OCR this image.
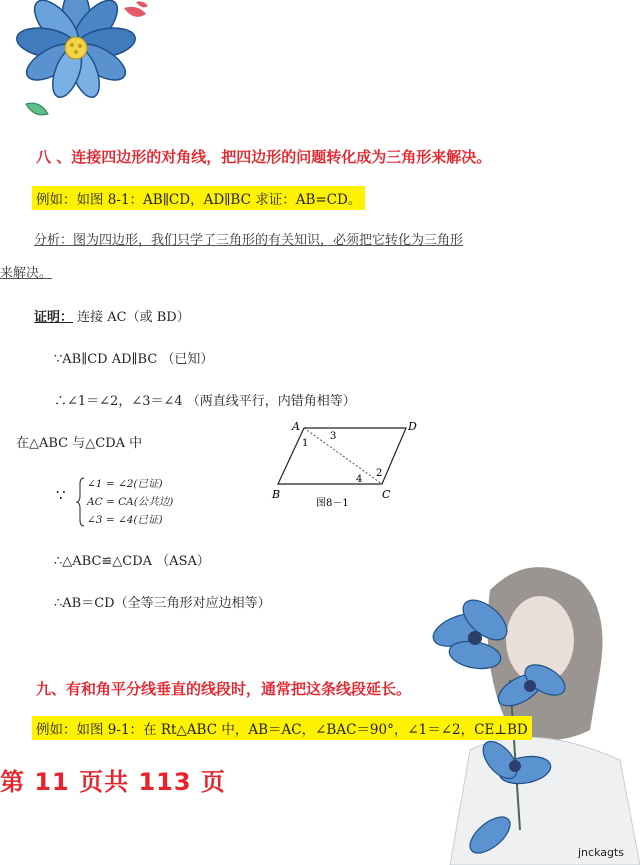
八 、连接四边形的对角线，把四边形的问题转化成为三角形来解决。
例如：如图 8-1：AB∥CD，AD∥BC 求证：AB=CD。
分析：图为四边形，我们只学了三角形的有关知识，必须把它转化为三角形
来解决。
证明： 连接 AC（或 BD）
∵AB∥CD AD∥BC （已知）
∴∠1＝∠2，∠3＝∠4 （两直线平行，内错角相等）
在△ABC 与△CDA 中
∵
∠1 = ∠2(已证)
AC = CA(公共边)
∠3 = ∠4(已证)
∴△ABC≌△CDA （ASA）
∴AB＝CD（全等三角形对应边相等）
A	D
B	C
1
3
2
4
图8－1
九、有和角平分线垂直的线段时，通常把这条线段延长。
例如：如图 9-1：在 Rt△ABC 中，AB＝AC，∠BAC＝90°，∠1＝∠2，CE⊥BD
第 11 页共 113 页
jnckagts
